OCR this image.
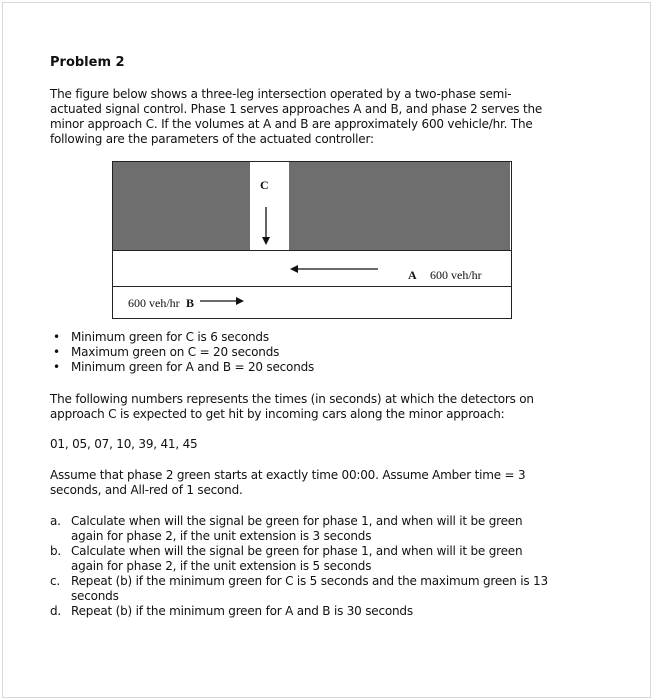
Problem 2
The figure below shows a three-leg intersection operated by a two-phase semi-actuated signal control. Phase 1 serves approaches A and B, and phase 2 serves the minor approach C. If the volumes at A and B are approximately 600 vehicle/hr. The following are the parameters of the actuated controller:
C
A 600 veh/hr
600 veh/hr B
• Minimum green for C is 6 seconds
• Maximum green on C = 20 seconds
• Minimum green for A and B = 20 seconds
The following numbers represents the times (in seconds) at which the detectors on approach C is expected to get hit by incoming cars along the minor approach:
01, 05, 07, 10, 39, 41, 45
Assume that phase 2 green starts at exactly time 00:00. Assume Amber time = 3 seconds, and All-red of 1 second.
a. Calculate when will the signal be green for phase 1, and when will it be green again for phase 2, if the unit extension is 3 seconds
b. Calculate when will the signal be green for phase 1, and when will it be green again for phase 2, if the unit extension is 5 seconds
c. Repeat (b) if the minimum green for C is 5 seconds and the maximum green is 13 seconds
d. Repeat (b) if the minimum green for A and B is 30 seconds
